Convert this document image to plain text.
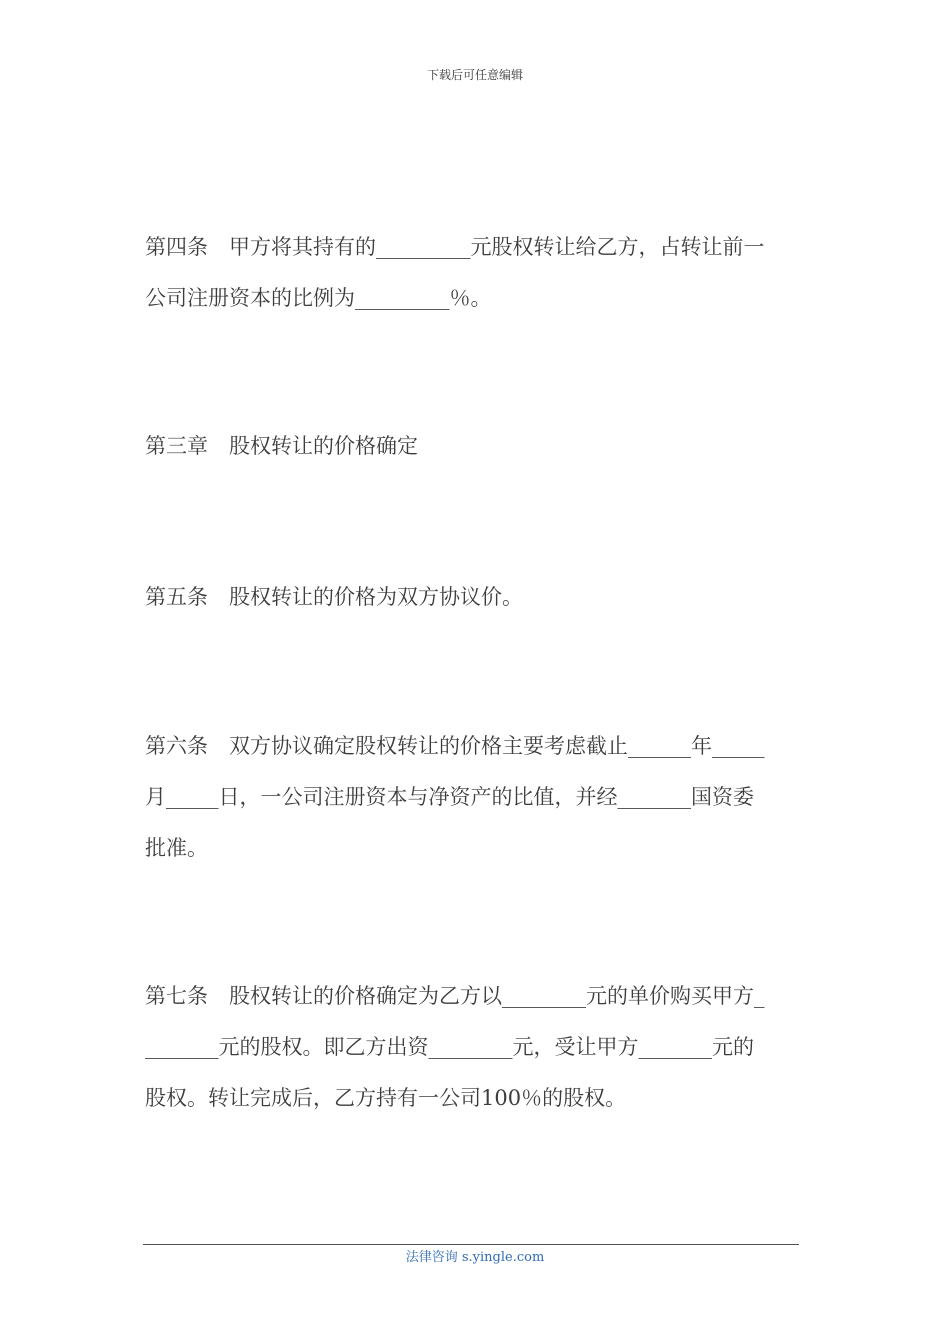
下载后可任意编辑
第四条　甲方将其持有的_________元股权转让给乙方，占转让前一
公司注册资本的比例为_________％。
第三章　股权转让的价格确定
第五条　股权转让的价格为双方协议价。
第六条　双方协议确定股权转让的价格主要考虑截止______年_____
月_____日，一公司注册资本与净资产的比值，并经_______国资委
批准。
第七条　股权转让的价格确定为乙方以________元的单价购买甲方_
_______元的股权。即乙方出资________元，受让甲方_______元的
股权。转让完成后，乙方持有一公司100％的股权。
法律咨询 s.yingle.com
